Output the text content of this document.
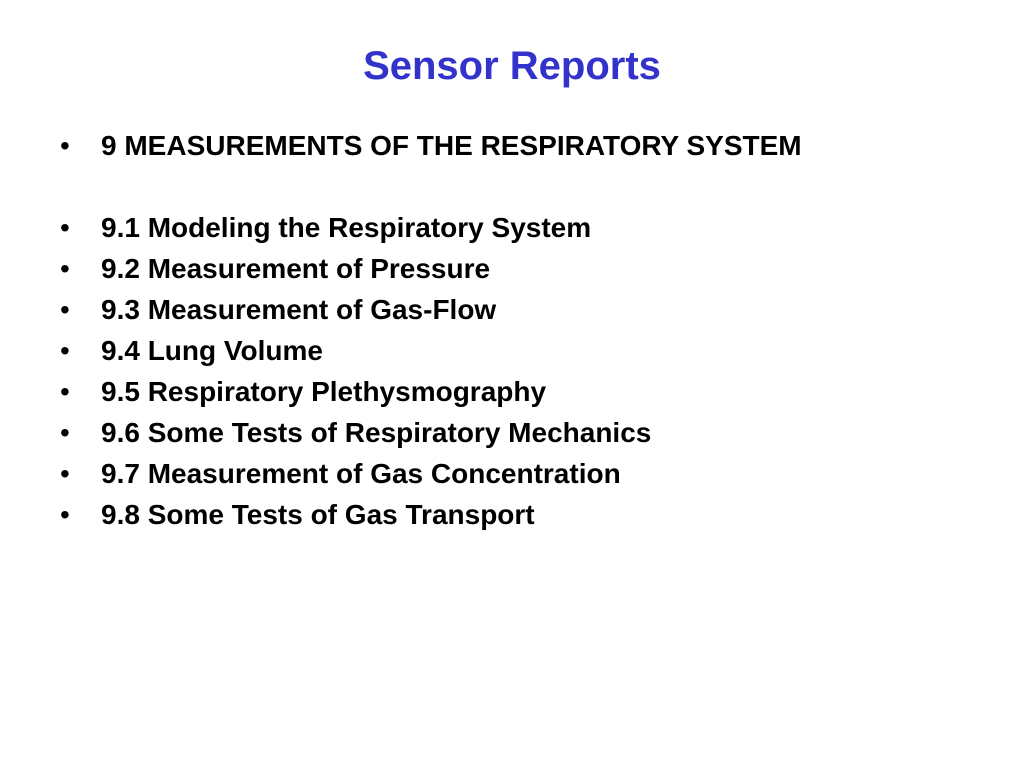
Sensor Reports
•	9 MEASUREMENTS OF THE RESPIRATORY SYSTEM
•	9.1 Modeling the Respiratory System
•	9.2 Measurement of Pressure
•	9.3 Measurement of Gas-Flow
•	9.4 Lung Volume
•	9.5 Respiratory Plethysmography
•	9.6 Some Tests of Respiratory Mechanics
•	9.7 Measurement of Gas Concentration
•	9.8 Some Tests of Gas Transport
